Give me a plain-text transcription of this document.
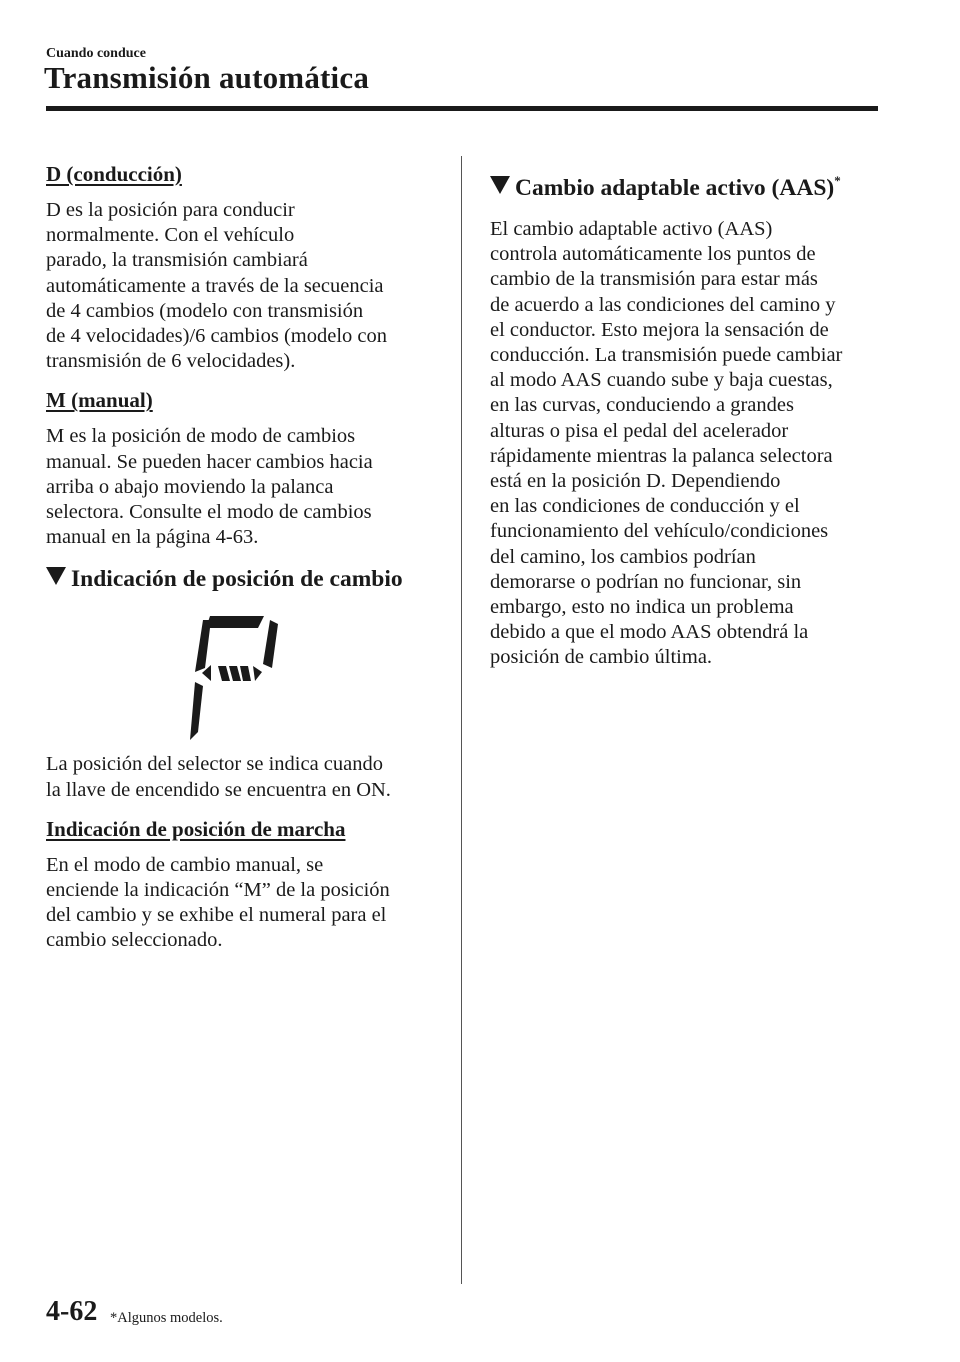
Cuando conduce
Transmisión automática
D (conducción)

D es la posición para conducir
normalmente. Con el vehículo
parado, la transmisión cambiará
automáticamente a través de la secuencia
de 4 cambios (modelo con transmisión
de 4 velocidades)/6 cambios (modelo con
transmisión de 6 velocidades).

M (manual)

M es la posición de modo de cambios
manual. Se pueden hacer cambios hacia
arriba o abajo moviendo la palanca
selectora. Consulte el modo de cambios
manual en la página 4-63.

Indicación de posición de cambio

La posición del selector se indica cuando
la llave de encendido se encuentra en ON.

Indicación de posición de marcha

En el modo de cambio manual, se
enciende la indicación “M” de la posición
del cambio y se exhibe el numeral para el
cambio seleccionado.

Cambio adaptable activo (AAS)*

El cambio adaptable activo (AAS)
controla automáticamente los puntos de
cambio de la transmisión para estar más
de acuerdo a las condiciones del camino y
el conductor. Esto mejora la sensación de
conducción. La transmisión puede cambiar
al modo AAS cuando sube y baja cuestas,
en las curvas, conduciendo a grandes
alturas o pisa el pedal del acelerador
rápidamente mientras la palanca selectora
está en la posición D. Dependiendo
en las condiciones de conducción y el
funcionamiento del vehículo/condiciones
del camino, los cambios podrían
demorarse o podrían no funcionar, sin
embargo, esto no indica un problema
debido a que el modo AAS obtendrá la
posición de cambio última.

4-62 *Algunos modelos.
